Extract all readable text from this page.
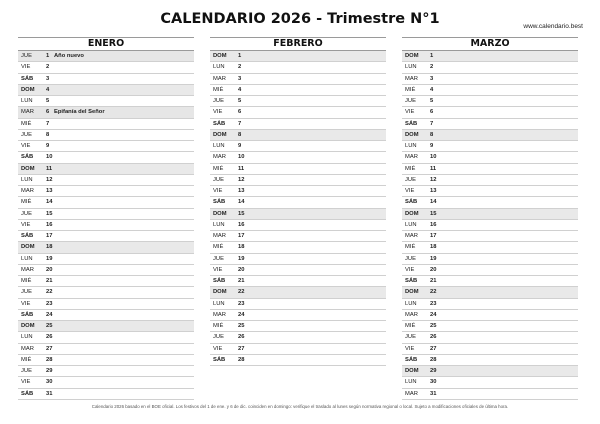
CALENDARIO 2026 - Trimestre N°1	www.calendario.best
ENERO
JUE	1 Año nuevo
VIE	2
SÁB	3
DOM	4
LUN	5
MAR	6 Epifanía del Señor
MIÉ	7
JUE	8
VIE	9
SÁB	10
DOM	11
LUN	12
MAR	13
MIÉ	14
JUE	15
VIE	16
SÁB	17
DOM	18
LUN	19
MAR	20
MIÉ	21
JUE	22
VIE	23
SÁB	24
DOM	25
LUN	26
MAR	27
MIÉ	28
JUE	29
VIE	30
SÁB	31
FEBRERO
DOM	1
LUN	2
MAR	3
MIÉ	4
JUE	5
VIE	6
SÁB	7
DOM	8
LUN	9
MAR	10
MIÉ	11
JUE	12
VIE	13
SÁB	14
DOM	15
LUN	16
MAR	17
MIÉ	18
JUE	19
VIE	20
SÁB	21
DOM	22
LUN	23
MAR	24
MIÉ	25
JUE	26
VIE	27
SÁB	28
MARZO
DOM	1
LUN	2
MAR	3
MIÉ	4
JUE	5
VIE	6
SÁB	7
DOM	8
LUN	9
MAR	10
MIÉ	11
JUE	12
VIE	13
SÁB	14
DOM	15
LUN	16
MAR	17
MIÉ	18
JUE	19
VIE	20
SÁB	21
DOM	22
LUN	23
MAR	24
MIÉ	25
JUE	26
VIE	27
SÁB	28
DOM	29
LUN	30
MAR	31
Calendario 2026 basado en el BOE oficial. Los festivos del 1 de ene. y 6 de dic. coinciden en domingo: verifique el traslado al lunes según normativa regional o local. Sujeto a modificaciones oficiales de última hora.
